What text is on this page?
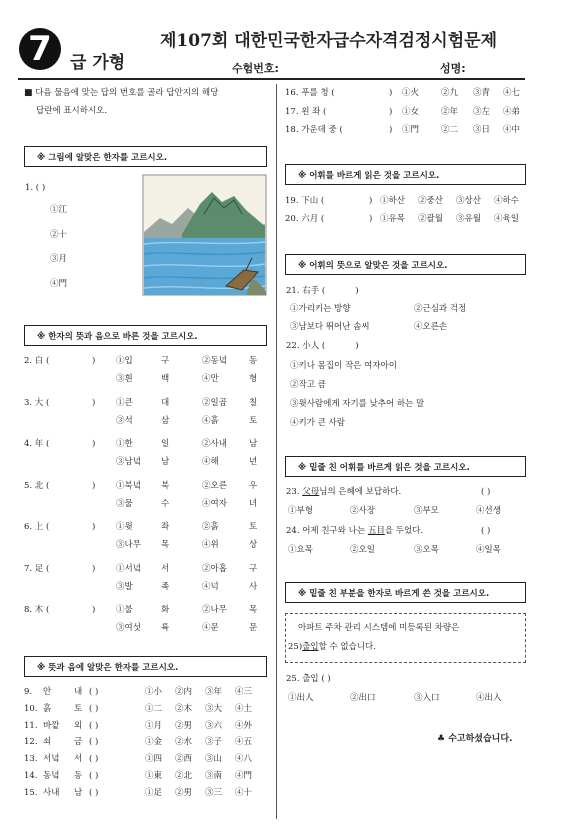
7 급 가형
제107회 대한민국한자급수자격검정시험문제
수험번호:	성명:
■ 다음 물음에 맞는 답의 번호를 골라 답안지의 해당
답란에 표시하시오.
※ 그림에 알맞은 한자를 고르시오.
1. ( )
①江
②十
③月
④門
※ 한자의 뜻과 음으로 바른 것을 고르시오.
2. 白 (	) ①입	구	②동녘	동
③흰	백	④만	형
3. 大 (	) ①큰	대	②일곱	칠
③석	삼	④흙	토
4. 年 (	) ①한	일	②사내	남
③남녘 남	④해	년
5. 北 (	) ①북녘 북	②오른	우
③물	수	④여자	녀
6. 上 (	) ①윗	좌	②흙	토
③나무 목	④위	상
7. 足 (	) ①서녘 서	②아홉	구
③발	족	④넉	사
8. 木 (	) ①불	화	②나무	목
③여섯 륙	④문	문
※ 뜻과 음에 알맞은 한자를 고르시오.
9. 안	내 ( )	①小 ②内 ③年 ④三
10. 흙	토 ( )	①二 ②木 ③大 ④土
11. 바깥 외 ( )	①月 ②男 ③六 ④外
12. 쇠	금 ( )	①金 ②水 ③子 ④五
13. 서녘 서 ( )	①四 ②西 ③山 ④八
14. 동녘 동 ( )	①東 ②北 ③南 ④門
15. 사내 남 ( )	①足 ②男 ③三 ④十
16. 푸를 청 (	) ①火	②九 ③青 ④七
17. 왼 좌 (	) ①女	②年 ③左 ④弟
18. 가운데 중 (	) ①門	②二 ③日 ④中
※ 어휘를 바르게 읽은 것을 고르시오.
19. 下山 (	) ①하산 ②중산 ③상산 ④하수
20. 六月 (	) ①유목 ②괄월 ③유월 ④육일
※ 어휘의 뜻으로 알맞은 것을 고르시오.
21. 右手 (	)
①가리키는 방향	②근심과 걱정
③남보다 뛰어난 솜씨	④오른손
22. 小人 (	)
①키나 몸집이 작은 여자아이
②작고 큼
③윗사람에게 자기를 낮추어 하는 말
④키가 큰 사람
※ 밑줄 친 어휘를 바르게 읽은 것을 고르시오.
23. 父母님의 은혜에 보답하다.	( )
①부형	②사장	③부모	④선생
24. 어제 친구와 나는 五目을 두었다.	( )
①요목	②오일	③오목	④일목
※ 밑줄 친 부분을 한자로 바르게 쓴 것을 고르시오.
아파트 주차 관리 시스템에 미등록된 차량은
25)출입할 수 없습니다.
25. 출입 ( )
①出人	②出口	③入口	④出入
♣ 수고하셨습니다.
